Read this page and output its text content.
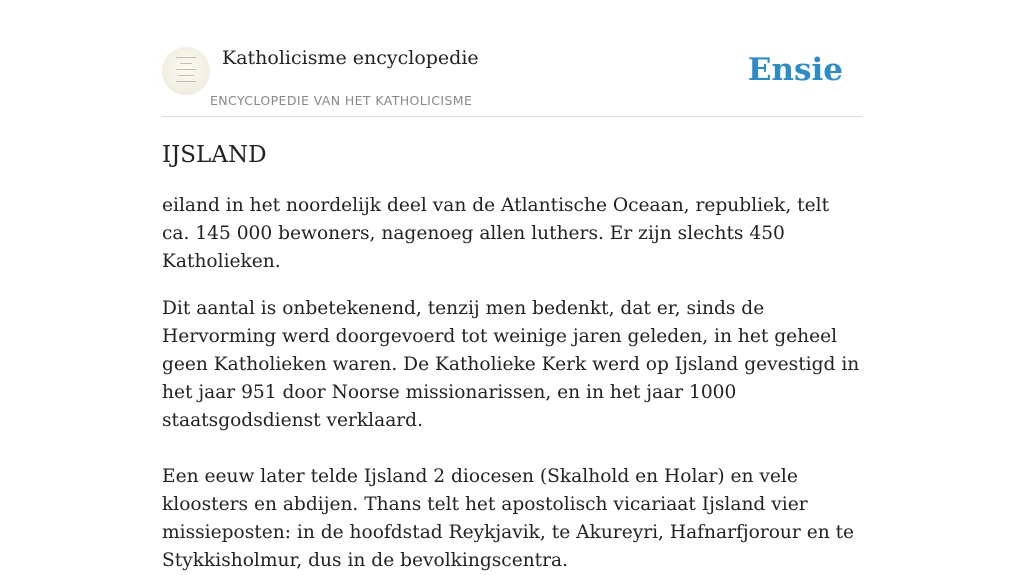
Katholicisme encyclopedie
ENCYCLOPEDIE VAN HET KATHOLICISME
Ensie
IJSLAND

eiland in het noordelijk deel van de Atlantische Oceaan, republiek, telt ca. 145 000 bewoners, nagenoeg allen luthers. Er zijn slechts 450 Katholieken.

Dit aantal is onbetekenend, tenzij men bedenkt, dat er, sinds de Hervorming werd doorgevoerd tot weinige jaren geleden, in het geheel geen Katholieken waren. De Katholieke Kerk werd op Ijsland gevestigd in het jaar 951 door Noorse missionarissen, en in het jaar 1000 staatsgodsdienst verklaard.

Een eeuw later telde Ijsland 2 diocesen (Skalhold en Holar) en vele kloosters en abdijen. Thans telt het apostolisch vicariaat Ijsland vier missieposten: in de hoofdstad Reykjavik, te Akureyri, Hafnarfjorour en te Stykkisholmur, dus in de bevolkingscentra.
